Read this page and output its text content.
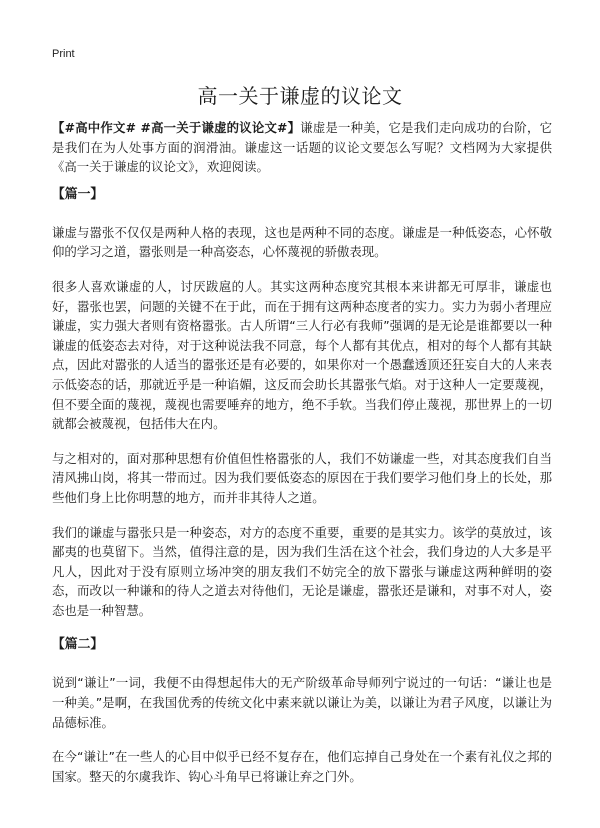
Print
高一关于谦虚的议论文

【#高中作文# #高一关于谦虚的议论文#】谦虚是一种美，它是我们走向成功的台阶，它是我们在为人处事方面的润滑油。谦虚这一话题的议论文要怎么写呢？文档网为大家提供《高一关于谦虚的议论文》，欢迎阅读。

【篇一】

谦虚与嚣张不仅仅是两种人格的表现，这也是两种不同的态度。谦虚是一种低姿态，心怀敬仰的学习之道，嚣张则是一种高姿态，心怀蔑视的骄傲表现。

很多人喜欢谦虚的人，讨厌跋扈的人。其实这两种态度究其根本来讲都无可厚非，谦虚也好，嚣张也罢，问题的关键不在于此，而在于拥有这两种态度者的实力。实力为弱小者理应谦虚，实力强大者则有资格嚣张。古人所谓“三人行必有我师”强调的是无论是谁都要以一种谦虚的低姿态去对待，对于这种说法我不同意，每个人都有其优点，相对的每个人都有其缺点，因此对嚣张的人适当的嚣张还是有必要的，如果你对一个愚蠢透顶还狂妄自大的人来表示低姿态的话，那就近乎是一种谄媚，这反而会助长其嚣张气焰。对于这种人一定要蔑视，但不要全面的蔑视，蔑视也需要唾弃的地方，绝不手软。当我们停止蔑视，那世界上的一切就都会被蔑视，包括伟大在内。

与之相对的，面对那种思想有价值但性格嚣张的人，我们不妨谦虚一些，对其态度我们自当清风拂山岗，将其一带而过。因为我们要低姿态的原因在于我们要学习他们身上的长处，那些他们身上比你明慧的地方，而并非其待人之道。

我们的谦虚与嚣张只是一种姿态，对方的态度不重要，重要的是其实力。该学的莫放过，该鄙夷的也莫留下。当然，值得注意的是，因为我们生活在这个社会，我们身边的人大多是平凡人，因此对于没有原则立场冲突的朋友我们不妨完全的放下嚣张与谦虚这两种鲜明的姿态，而改以一种谦和的待人之道去对待他们，无论是谦虚，嚣张还是谦和，对事不对人，姿态也是一种智慧。

【篇二】

说到“谦让”一词，我便不由得想起伟大的无产阶级革命导师列宁说过的一句话：“谦让也是一种美。”是啊，在我国优秀的传统文化中素来就以谦让为美，以谦让为君子风度，以谦让为品德标准。

在今“谦让”在一些人的心目中似乎已经不复存在，他们忘掉自己身处在一个素有礼仪之邦的国家。整天的尔虞我诈、钩心斗角早已将谦让弃之门外。
